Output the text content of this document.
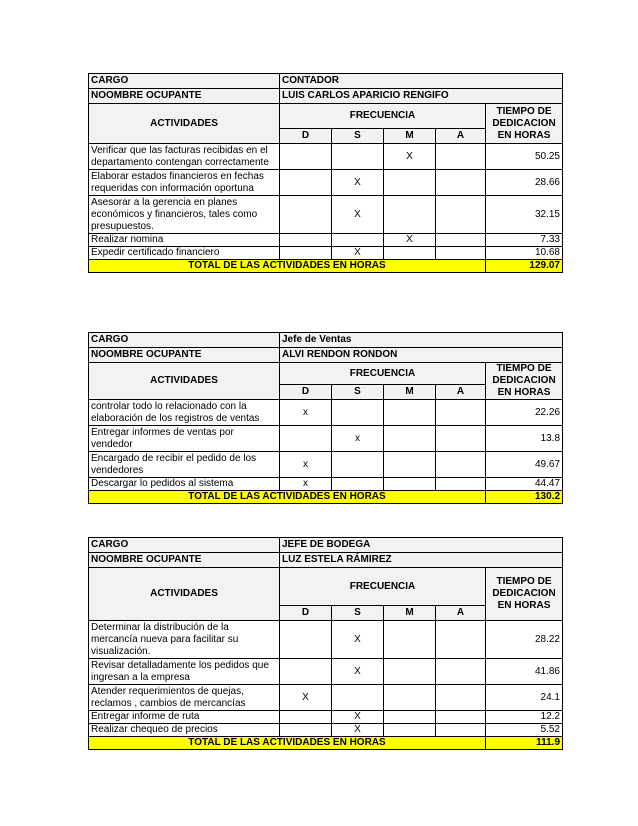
CARGO	CONTADOR				
NOOMBRE OCUPANTE	LUIS CARLOS APARICIO RENGIFO				
ACTIVIDADES	FRECUENCIA				TIEMPO DE DEDICACION EN HORAS
	D	S	M	A	
Verificar que las facturas recibidas en el departamento contengan correctamente			X		50.25
Elaborar estados financieros en fechas requeridas con información oportuna		X			28.66
Asesorar a la gerencia en planes económicos y financieros, tales como presupuestos.		X			32.15
Realizar nomina			X		7.33
Expedir certificado financiero		X			10.68
TOTAL DE LAS ACTIVIDADES EN HORAS					129.07
CARGO	Jefe de Ventas				
NOOMBRE OCUPANTE	ALVI RENDON RONDON				
ACTIVIDADES	FRECUENCIA				TIEMPO DE DEDICACION EN HORAS
	D	S	M	A	
controlar todo lo relacionado con la elaboración de los registros de ventas	x				22.26
Entregar informes de ventas por vendedor		x			13.8
Encargado de recibir el pedido de los vendedores	x				49.67
Descargar lo pedidos al sistema	x				44.47
TOTAL DE LAS ACTIVIDADES EN HORAS					130.2
CARGO	JEFE DE BODEGA				
NOOMBRE OCUPANTE	LUZ ESTELA RÁMIREZ				
ACTIVIDADES	FRECUENCIA				TIEMPO DE DEDICACION EN HORAS
	D	S	M	A	
Determinar la distribución de la mercancía nueva para facilitar su visualización.		X			28.22
Revisar detalladamente los pedidos que ingresan a la empresa		X			41.86
Atender requerimientos de quejas, reclamos , cambios de mercancías	X				24.1
Entregar informe de ruta		X			12.2
Realizar chequeo de precios		X			5.52
TOTAL DE LAS ACTIVIDADES EN HORAS					111.9
